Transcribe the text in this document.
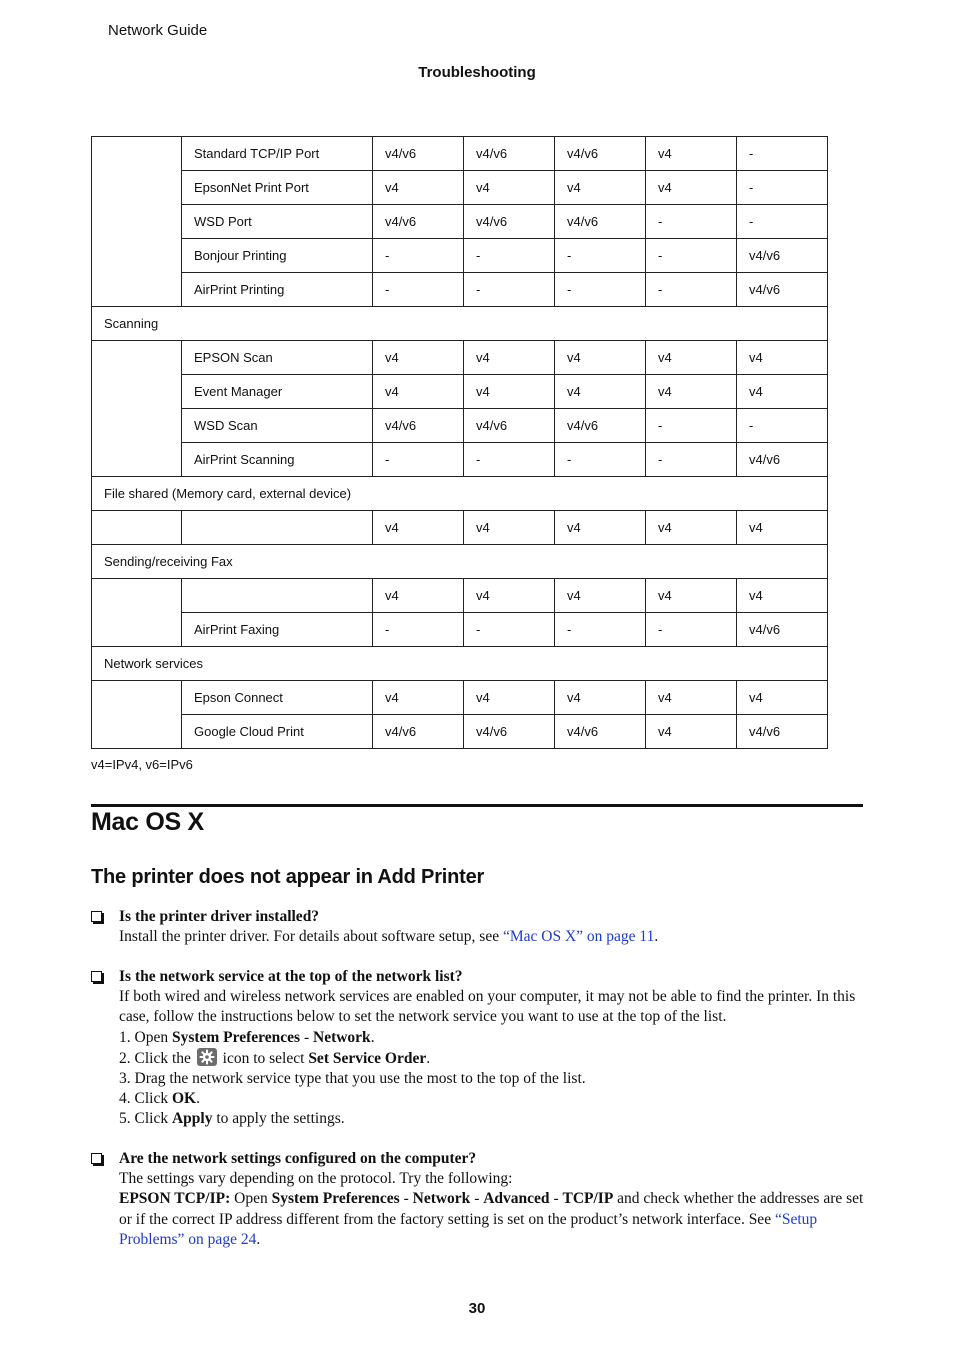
Network Guide
Troubleshooting
	Standard TCP/IP Port	v4/v6	v4/v6	v4/v6	v4	-
	EpsonNet Print Port	v4	v4	v4	v4	-
	WSD Port	v4/v6	v4/v6	v4/v6	-	-
	Bonjour Printing	-	-	-	-	v4/v6
	AirPrint Printing	-	-	-	-	v4/v6
Scanning						
	EPSON Scan	v4	v4	v4	v4	v4
	Event Manager	v4	v4	v4	v4	v4
	WSD Scan	v4/v6	v4/v6	v4/v6	-	-
	AirPrint Scanning	-	-	-	-	v4/v6
File shared (Memory card, external device)						
		v4	v4	v4	v4	v4
Sending/receiving Fax						
		v4	v4	v4	v4	v4
	AirPrint Faxing	-	-	-	-	v4/v6
Network services						
	Epson Connect	v4	v4	v4	v4	v4
	Google Cloud Print	v4/v6	v4/v6	v4/v6	v4	v4/v6
v4=IPv4, v6=IPv6
Mac OS X
The printer does not appear in Add Printer

Is the printer driver installed?

Install the printer driver. For details about software setup, see “Mac OS X” on page 11.

Is the network service at the top of the network list?

If both wired and wireless network services are enabled on your computer, it may not be able to find the printer. In this case, follow the instructions below to set the network service you want to use at the top of the list.

1. Open System Preferences - Network.

2. Click the
icon to select Set Service Order.

3. Drag the network service type that you use the most to the top of the list.

4. Click OK.

5. Click Apply to apply the settings.

Are the network settings configured on the computer?

The settings vary depending on the protocol. Try the following:

EPSON TCP/IP: Open System Preferences - Network - Advanced - TCP/IP and check whether the addresses are set or if the correct IP address different from the factory setting is set on the product’s network interface. See “Setup Problems” on page 24.

30
